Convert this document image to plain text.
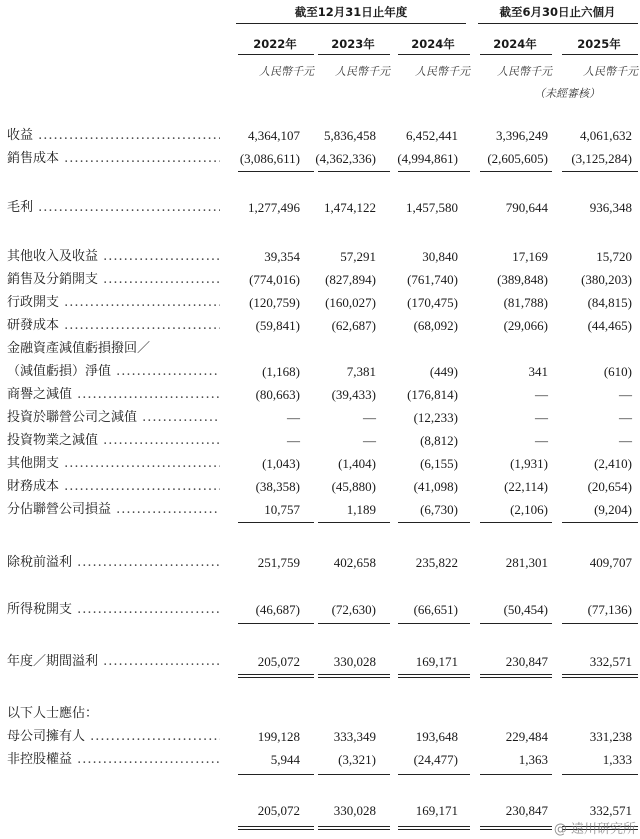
截至12月31日止年度	截至6月30日止六個月
2022年	2023年	2024年	2024年	2025年
人民幣千元	人民幣千元	人民幣千元	人民幣千元	人民幣千元
（未經審核）
收益 .....	4,364,107	5,836,458	6,452,441	3,396,249	4,061,632
銷售成本 .....	(3,086,611)	(4,362,336)	(4,994,861)	(2,605,605)	(3,125,284)
毛利 .....	1,277,496	1,474,122	1,457,580	790,644	936,348
其他收入及收益 .....	39,354	57,291	30,840	17,169	15,720
銷售及分銷開支 .....	(774,016)	(827,894)	(761,740)	(389,848)	(380,203)
行政開支 .....	(120,759)	(160,027)	(170,475)	(81,788)	(84,815)
研發成本 .....	(59,841)	(62,687)	(68,092)	(29,066)	(44,465)
金融資產減值虧損撥回／
（減值虧損）淨值 .....	(1,168)	7,381	(449)	341	(610)
商譽之減值 .....	(80,663)	(39,433)	(176,814)	—	—
投資於聯營公司之減值 .....	—	—	(12,233)	—	—
投資物業之減值 .....	—	—	(8,812)	—	—
其他開支 .....	(1,043)	(1,404)	(6,155)	(1,931)	(2,410)
財務成本 .....	(38,358)	(45,880)	(41,098)	(22,114)	(20,654)
分佔聯營公司損益 .....	10,757	1,189	(6,730)	(2,106)	(9,204)
除稅前溢利 .....	251,759	402,658	235,822	281,301	409,707
所得稅開支 .....	(46,687)	(72,630)	(66,651)	(50,454)	(77,136)
年度／期間溢利 .....	205,072	330,028	169,171	230,847	332,571
以下人士應佔：
母公司擁有人 .....	199,128	333,349	193,648	229,484	331,238
非控股權益 .....	5,944	(3,321)	(24,477)	1,363	1,333
205,072	330,028	169,171	230,847	332,571
@ 遠川研究所
